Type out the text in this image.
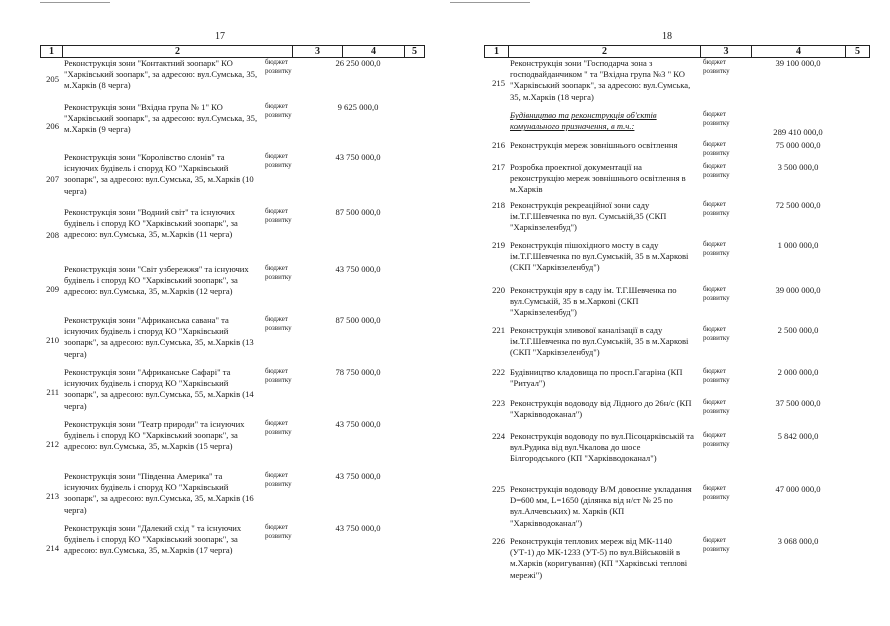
17
1	2	3	4	5
205	Реконструкція зони "Контактний зоопарк" КО "Харківський зоопарк", за адресою: вул.Сумська, 35, м.Харків (8 черга)	бюджет розвитку	26 250 000,0	
206	Реконструкція зони "Вхідна група № 1" КО "Харківський зоопарк", за адресою: вул.Сумська, 35, м.Харків (9 черга)	бюджет розвитку	9 625 000,0	
207	Реконструкція зони "Королівство слонів" та існуючих будівель і споруд КО "Харківський зоопарк", за адресою: вул.Сумська, 35, м.Харків (10 черга)	бюджет розвитку	43 750 000,0	
208	Реконструкція зони "Водний світ" та існуючих будівель і споруд КО "Харківський зоопарк", за адресою: вул.Сумська, 35, м.Харків (11 черга)	бюджет розвитку	87 500 000,0	
209	Реконструкція зони "Світ узбережжя" та існуючих будівель і споруд КО "Харківський зоопарк", за адресою: вул.Сумська, 35, м.Харків (12 черга)	бюджет розвитку	43 750 000,0	
210	Реконструкція зони "Африканська савана" та існуючих будівель і споруд КО "Харківський зоопарк", за адресою: вул.Сумська, 35, м.Харків (13 черга)	бюджет розвитку	87 500 000,0	
211	Реконструкція зони "Африканське Сафарі" та існуючих будівель і споруд КО "Харківський зоопарк", за адресою: вул.Сумська, 55, м.Харків (14 черга)	бюджет розвитку	78 750 000,0	
212	Реконструкція зони "Театр природи" та існуючих будівель і споруд КО "Харківський зоопарк", за адресою: вул.Сумська, 35, м.Харків (15 черга)	бюджет розвитку	43 750 000,0	
213	Реконструкція зони "Південна Америка" та існуючих будівель і споруд КО "Харківський зоопарк", за адресою: вул.Сумська, 35, м.Харків (16 черга)	бюджет розвитку	43 750 000,0	
214	Реконструкція зони "Далекий схід " та існуючих будівель і споруд КО "Харківський зоопарк", за адресою: вул.Сумська, 35, м.Харків (17 черга)	бюджет розвитку	43 750 000,0	
18
1	2	3	4	5
215	Реконструкція зони "Господарча зона з господвайданчиком " та "Вхідна група №3 " КО "Харківський зоопарк", за адресою: вул.Сумська, 35, м.Харків (18 черга)	бюджет розвитку	39 100 000,0	
	Будівництво та реконструкція об'єктів комунального призначення, в т.ч.:	бюджет розвитку	289 410 000,0	
216	Реконструкція мереж зовнішнього освітлення	бюджет розвитку	75 000 000,0	
217	Розробка проектної документації на реконструкцію мереж зовнішнього освітлення в м.Харків	бюджет розвитку	3 500 000,0	
218	Реконструкція рекреаційної зони саду ім.Т.Г.Шевченка по вул. Сумській,35 (СКП "Харківзеленбуд")	бюджет розвитку	72 500 000,0	
219	Реконструкція пішохідного мосту в саду ім.Т.Г.Шевченка по вул.Сумській, 35 в м.Харкові (СКП "Харківзеленбуд")	бюджет розвитку	1 000 000,0	
220	Реконструкція яру в саду ім. Т.Г.Шевченка по вул.Сумській, 35 в м.Харкові (СКП "Харківзеленбуд")	бюджет розвитку	39 000 000,0	
221	Реконструкція зливової каналізації в саду ім.Т.Г.Шевченка по вул.Сумській, 35 в м.Харкові (СКП "Харківзеленбуд")	бюджет розвитку	2 500 000,0	
222	Будівництво кладовища по просп.Гагаріна (КП "Ритуал")	бюджет розвитку	2 000 000,0	
223	Реконструкція водоводу від Лідного до 26н/с (КП "Харківводоканал")	бюджет розвитку	37 500 000,0	
224	Реконструкція водоводу по вул.Пісоцарківській та вул.Рудика від вул.Чкалова до шосе Білгородського (КП "Харківводоканал")	бюджет розвитку	5 842 000,0	
225	Реконструкція водоводу В/М довоєнне укладання D=600 мм, L=1650 (ділянка від н/ст № 25 по вул.Алчевських) м. Харків (КП "Харківводоканал")	бюджет розвитку	47 000 000,0	
226	Реконструкція теплових мереж від МК-1140 (УТ-1) до МК-1233 (УТ-5) по вул.Військовій в м.Харків (коригування) (КП "Харківські теплові мережі")	бюджет розвитку	3 068 000,0	
